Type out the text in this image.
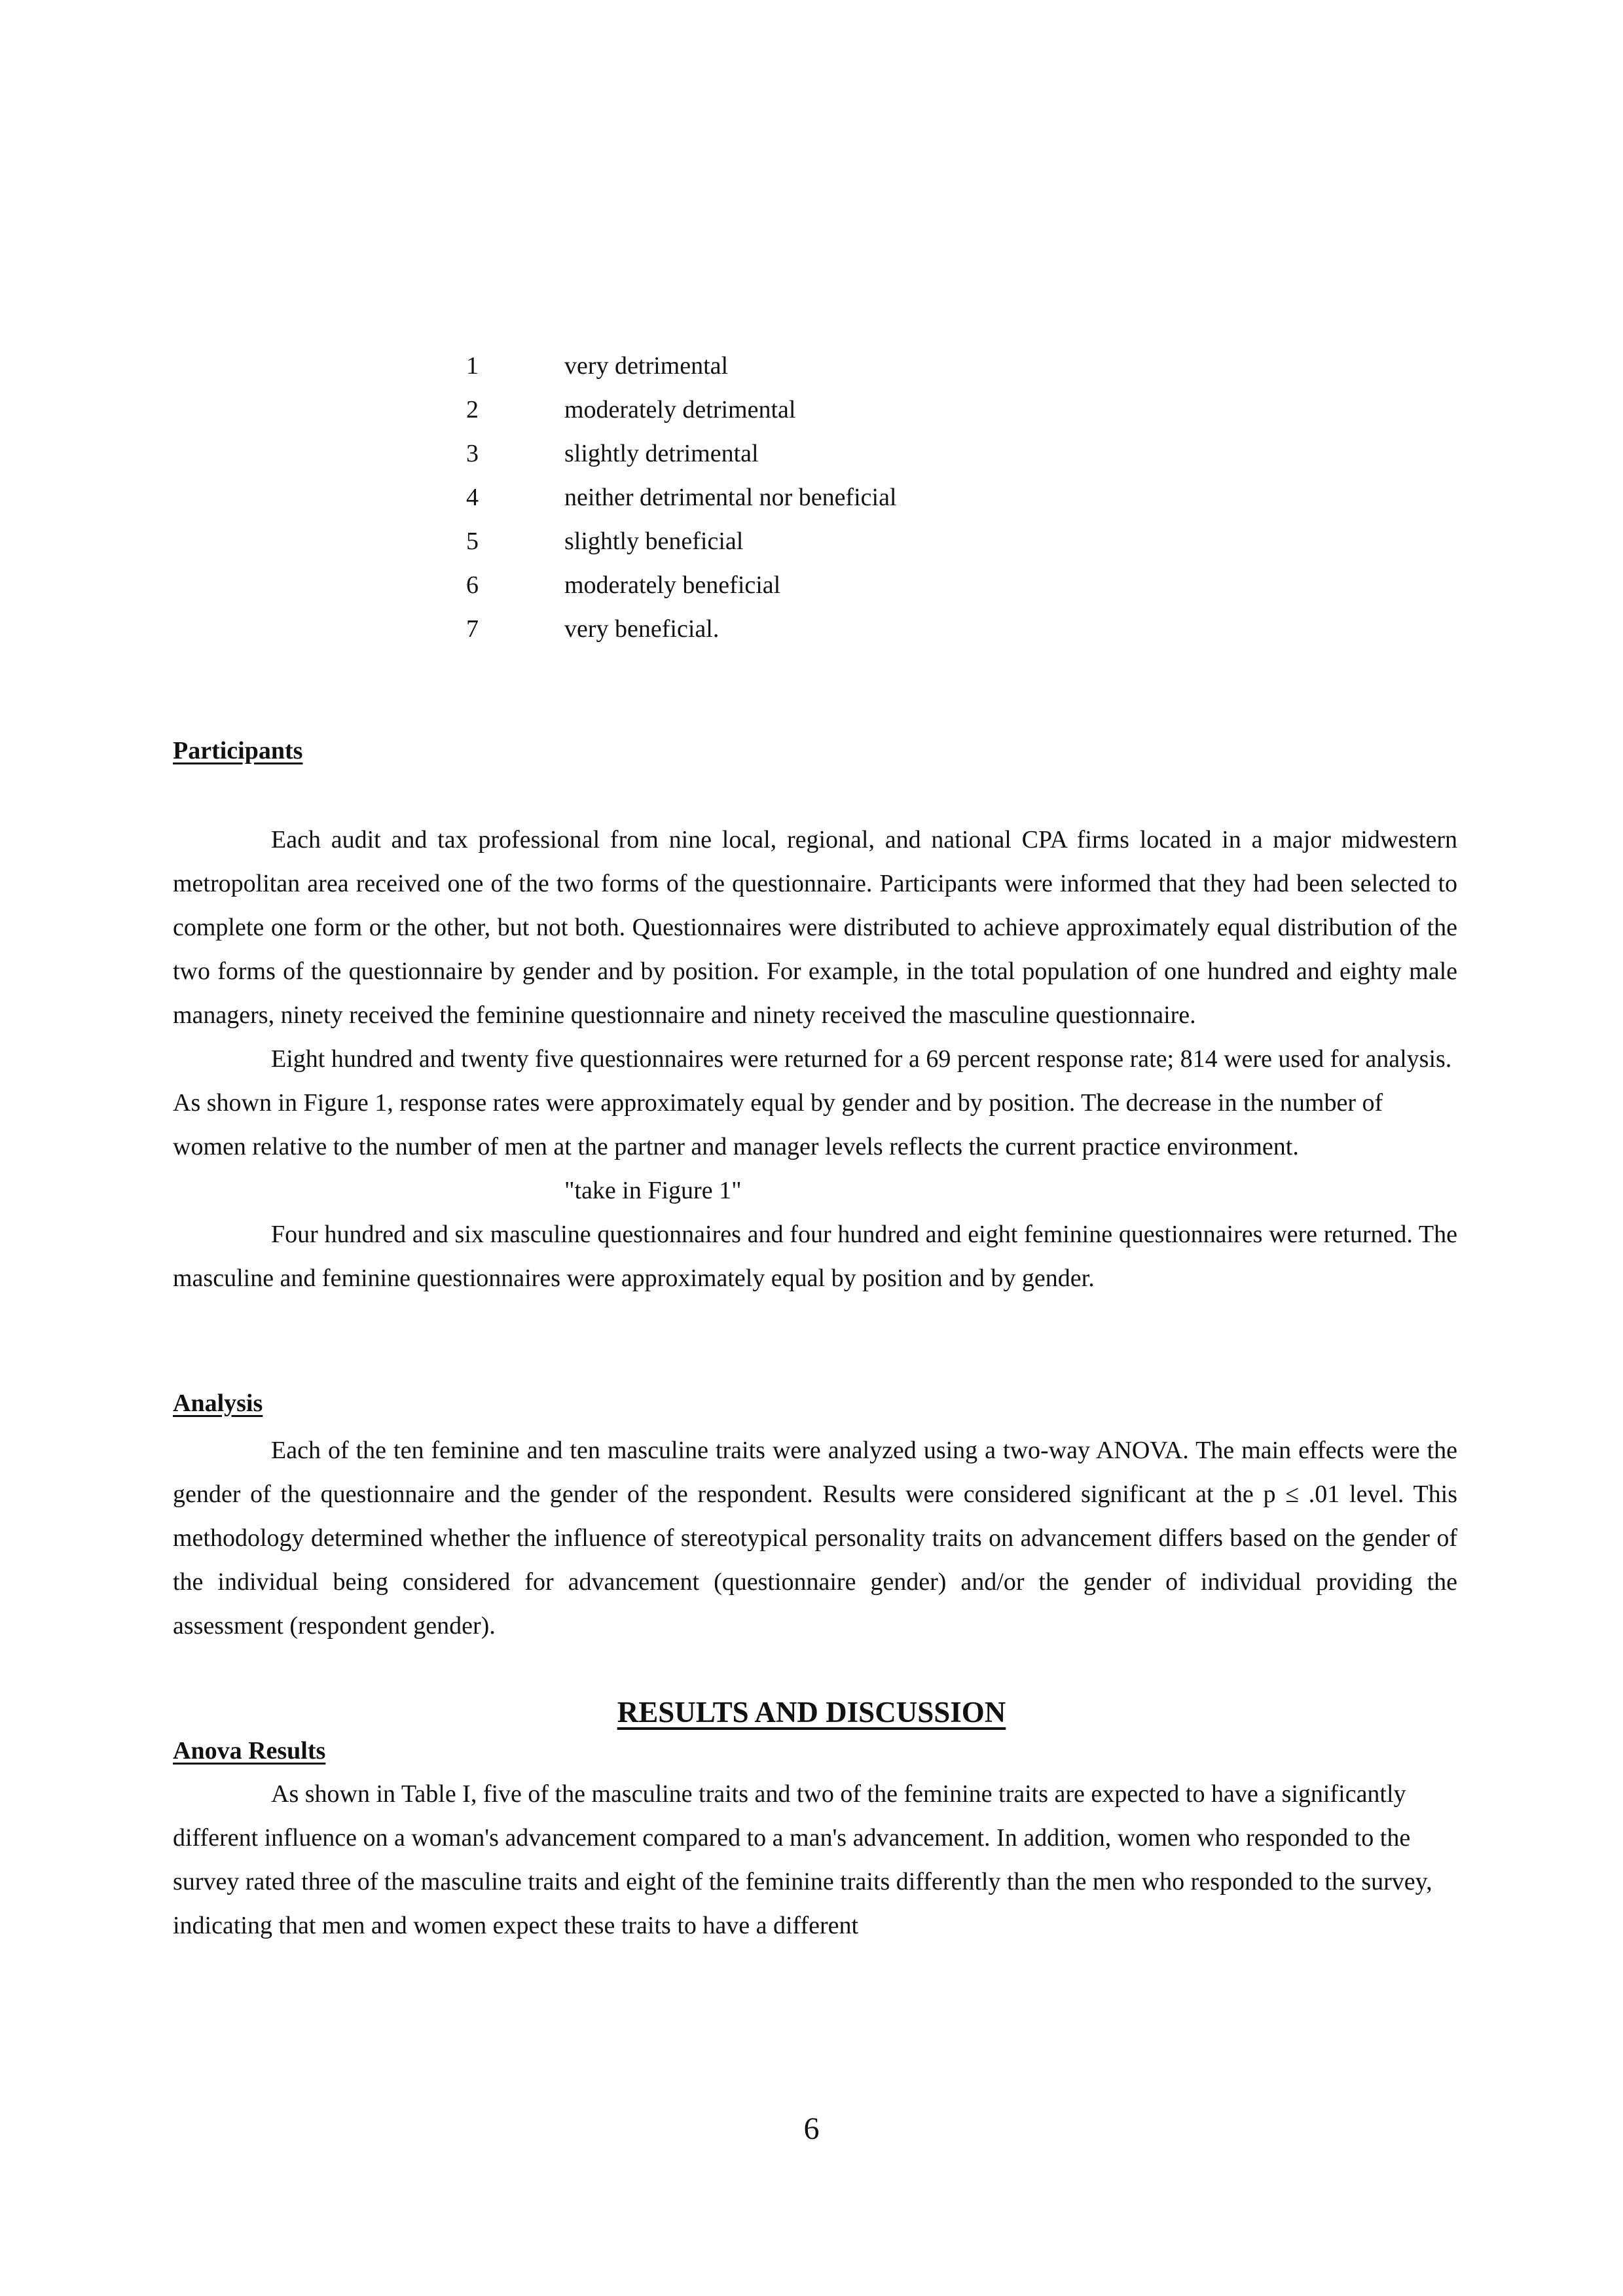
1	very detrimental
2	moderately detrimental
3	slightly detrimental
4	neither detrimental nor beneficial
5	slightly beneficial
6	moderately beneficial
7	very beneficial.
Participants

Each audit and tax professional from nine local, regional, and national CPA firms located in a major midwestern metropolitan area received one of the two forms of the questionnaire. Participants were informed that they had been selected to complete one form or the other, but not both. Questionnaires were distributed to achieve approximately equal distribution of the two forms of the questionnaire by gender and by position. For example, in the total population of one hundred and eighty male managers, ninety received the feminine questionnaire and ninety received the masculine questionnaire.

Eight hundred and twenty five questionnaires were returned for a 69 percent response rate; 814 were used for analysis. As shown in Figure 1, response rates were approximately equal by gender and by position. The decrease in the number of women relative to the number of men at the partner and manager levels reflects the current practice environment.

"take in Figure 1"

Four hundred and six masculine questionnaires and four hundred and eight feminine questionnaires were returned. The masculine and feminine questionnaires were approximately equal by position and by gender.

Analysis

Each of the ten feminine and ten masculine traits were analyzed using a two-way ANOVA. The main effects were the gender of the questionnaire and the gender of the respondent. Results were considered significant at the p ≤ .01 level. This methodology determined whether the influence of stereotypical personality traits on advancement differs based on the gender of the individual being considered for advancement (questionnaire gender) and/or the gender of individual providing the assessment (respondent gender).

RESULTS AND DISCUSSION
Anova Results

As shown in Table I, five of the masculine traits and two of the feminine traits are expected to have a significantly different influence on a woman's advancement compared to a man's advancement. In addition, women who responded to the survey rated three of the masculine traits and eight of the feminine traits differently than the men who responded to the survey, indicating that men and women expect these traits to have a different

6
